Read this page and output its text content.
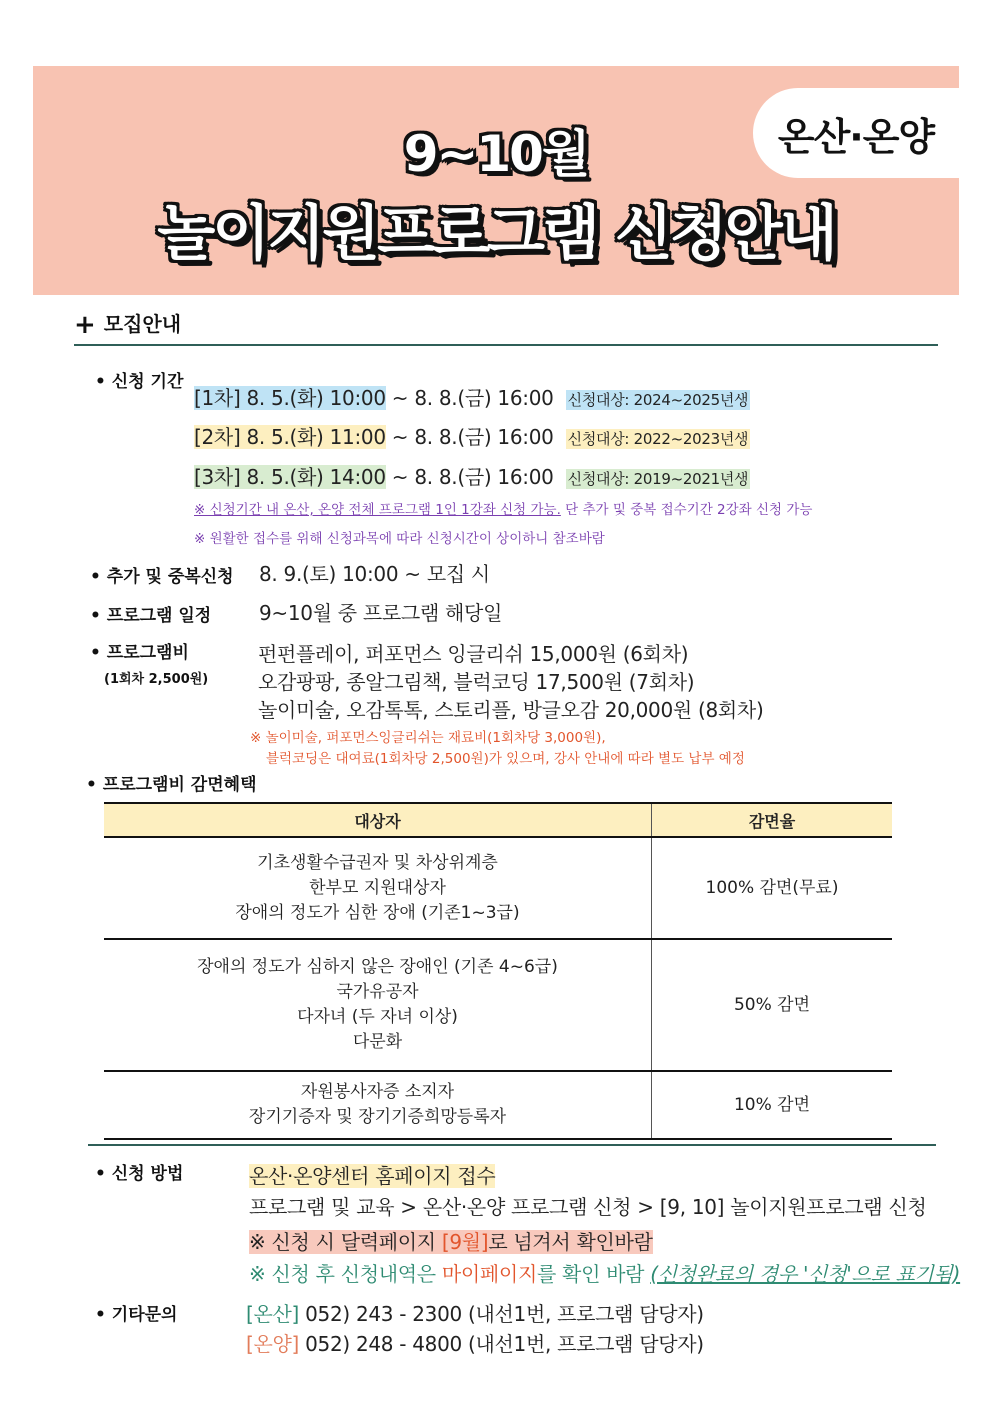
온산·온양
9~10월
놀이지원프로그램 신청안내
+ 모집안내
• 신청 기간
[1차] 8. 5.(화) 10:00 ~ 8. 8.(금) 16:00 신청대상: 2024~2025년생
[2차] 8. 5.(화) 11:00 ~ 8. 8.(금) 16:00 신청대상: 2022~2023년생
[3차] 8. 5.(화) 14:00 ~ 8. 8.(금) 16:00 신청대상: 2019~2021년생
※ 신청기간 내 온산, 온양 전체 프로그램 1인 1강좌 신청 가능. 단 추가 및 중복 접수기간 2강좌 신청 가능
※ 원활한 접수를 위해 신청과목에 따라 신청시간이 상이하니 참조바람
• 추가 및 중복신청 8. 9.(토) 10:00 ~ 모집 시
• 프로그램 일정 9~10월 중 프로그램 해당일
• 프로그램비
(1회차 2,500원)
펀펀플레이, 퍼포먼스 잉글리쉬 15,000원 (6회차)
오감팡팡, 종알그림책, 블럭코딩 17,500원 (7회차)
놀이미술, 오감톡톡, 스토리플, 방글오감 20,000원 (8회차)
※ 놀이미술, 퍼포먼스잉글리쉬는 재료비(1회차당 3,000원),
블럭코딩은 대여료(1회차당 2,500원)가 있으며, 강사 안내에 따라 별도 납부 예정
• 프로그램비 감면혜택
대상자	감면율

기초생활수급권자 및 차상위계층
한부모 지원대상자
장애의 정도가 심한 장애 (기존1~3급)	100% 감면(무료)

장애의 정도가 심하지 않은 장애인 (기존 4~6급)
국가유공자
다자녀 (두 자녀 이상)
다문화	50% 감면

자원봉사자증 소지자
장기기증자 및 장기기증희망등록자	10% 감면
• 신청 방법	온산·온양센터 홈페이지 접수
프로그램 및 교육 > 온산·온양 프로그램 신청 > [9, 10] 놀이지원프로그램 신청
※ 신청 시 달력페이지 [9월]로 넘겨서 확인바람
※ 신청 후 신청내역은 마이페이지를 확인 바람 (신청완료의 경우 '신청'으로 표기됨)
• 기타문의	[온산] 052) 243 - 2300 (내선1번, 프로그램 담당자)
[온양] 052) 248 - 4800 (내선1번, 프로그램 담당자)
